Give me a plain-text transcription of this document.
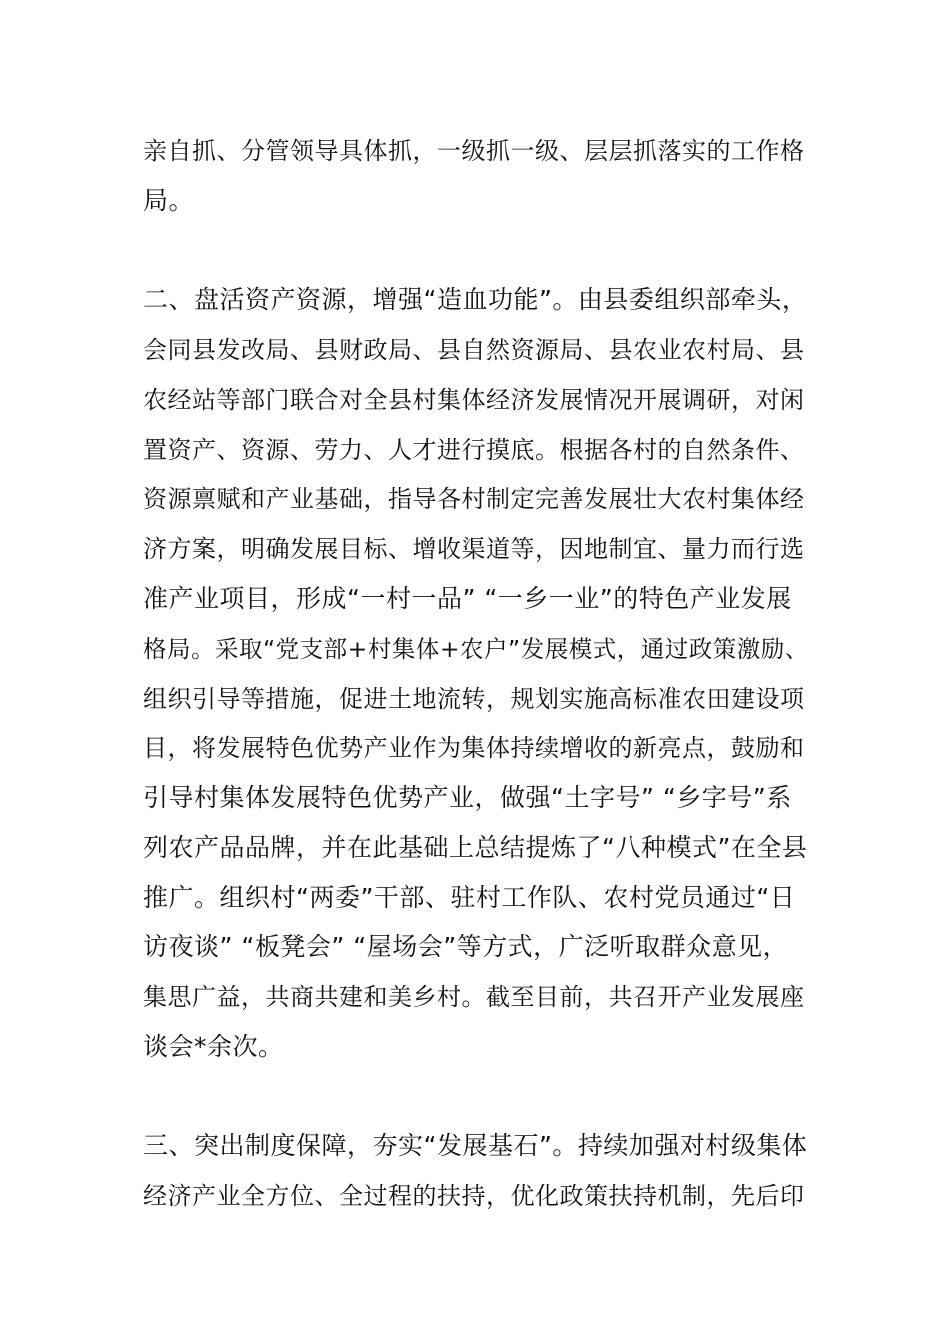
亲自抓、分管领导具体抓，一级抓一级、层层抓落实的工作格
局。
二、盘活资产资源，增强“造血功能”。由县委组织部牵头，
会同县发改局、县财政局、县自然资源局、县农业农村局、县
农经站等部门联合对全县村集体经济发展情况开展调研，对闲
置资产、资源、劳力、人才进行摸底。根据各村的自然条件、
资源禀赋和产业基础，指导各村制定完善发展壮大农村集体经
济方案，明确发展目标、增收渠道等，因地制宜、量力而行选
准产业项目，形成“一村一品” “一乡一业”的特色产业发展
格局。采取“党支部+村集体+农户”发展模式，通过政策激励、
组织引导等措施，促进土地流转，规划实施高标准农田建设项
目，将发展特色优势产业作为集体持续增收的新亮点，鼓励和
引导村集体发展特色优势产业，做强“土字号” “乡字号”系
列农产品品牌，并在此基础上总结提炼了“八种模式”在全县
推广。组织村“两委”干部、驻村工作队、农村党员通过“日
访夜谈” “板凳会” “屋场会”等方式，广泛听取群众意见，
集思广益，共商共建和美乡村。截至目前，共召开产业发展座
谈会*余次。
三、突出制度保障，夯实“发展基石”。持续加强对村级集体
经济产业全方位、全过程的扶持，优化政策扶持机制，先后印
